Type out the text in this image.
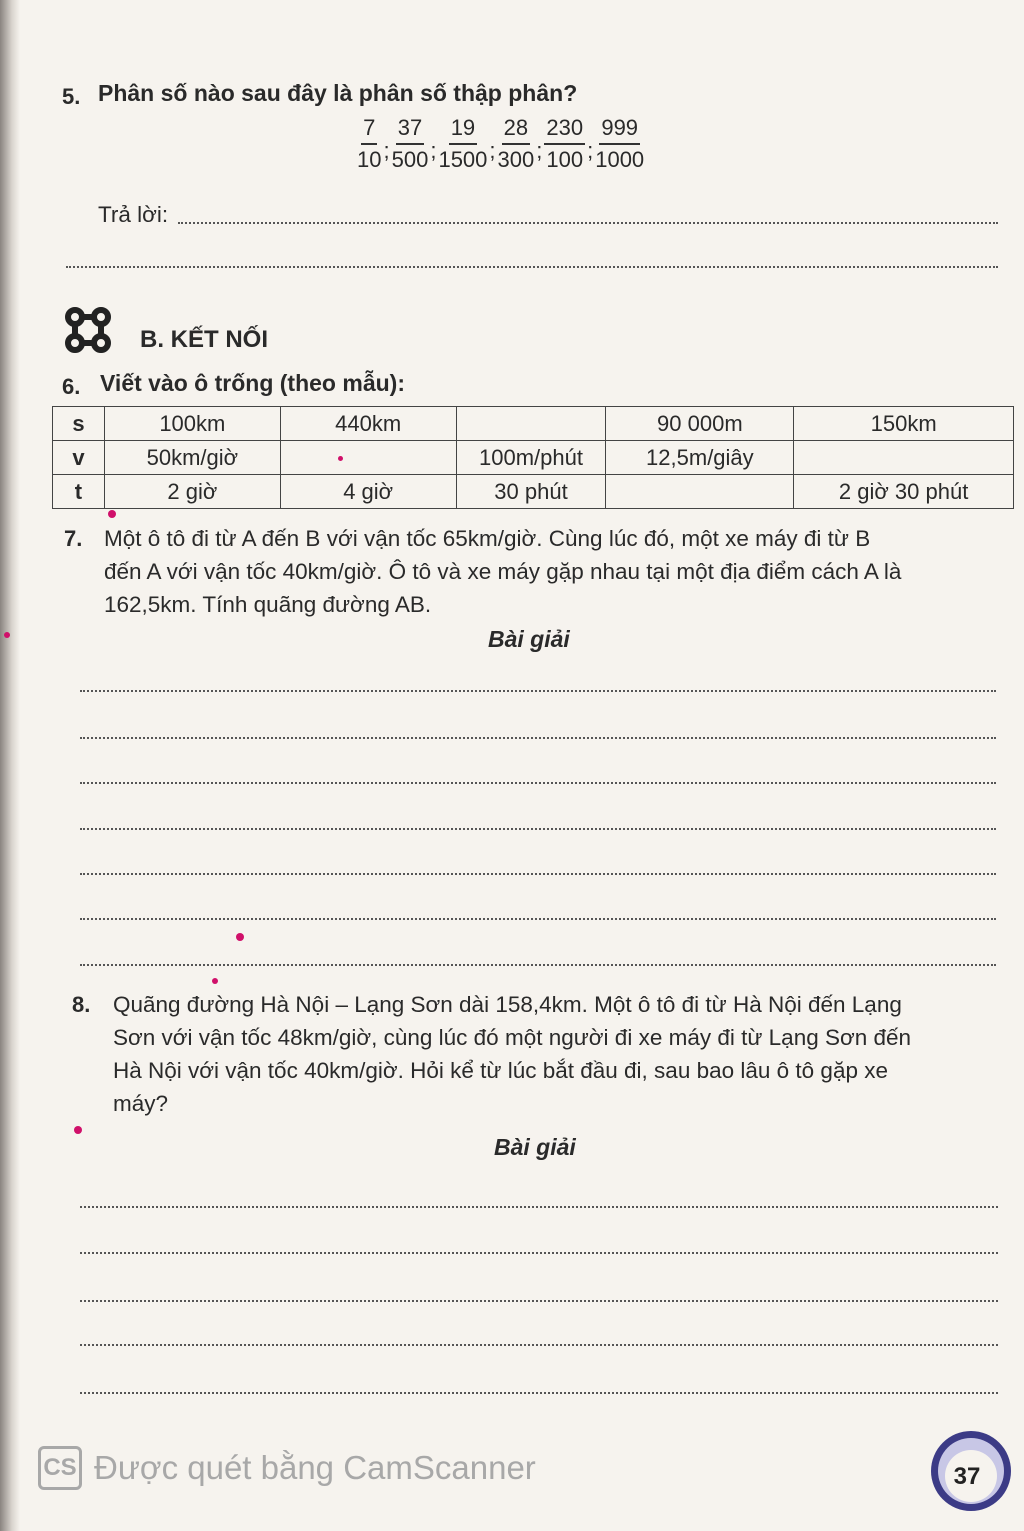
5. Phân số nào sau đây là phân số thập phân?
$\frac{7}{10}$ ; $\frac{37}{500}$ ; $\frac{19}{1500}$ ; $\frac{28}{300}$ ; $\frac{230}{100}$ ; $\frac{999}{1000}$
Trả lời:
B. KẾT NỐI
6. Viết vào ô trống (theo mẫu):
s	100km	440km		90 000m	150km
v	50km/giờ		100m/phút	12,5m/giây	
t	2 giờ	4 giờ	30 phút		2 giờ 30 phút
7. Một ô tô đi từ A đến B với vận tốc 65km/giờ. Cùng lúc đó, một xe máy đi từ B
đến A với vận tốc 40km/giờ. Ô tô và xe máy gặp nhau tại một địa điểm cách A là
162,5km. Tính quãng đường AB.
Bài giải
8. Quãng đường Hà Nội – Lạng Sơn dài 158,4km. Một ô tô đi từ Hà Nội đến Lạng
Sơn với vận tốc 48km/giờ, cùng lúc đó một người đi xe máy đi từ Lạng Sơn đến
Hà Nội với vận tốc 40km/giờ. Hỏi kể từ lúc bắt đầu đi, sau bao lâu ô tô gặp xe
máy?
Bài giải
CS Được quét bằng CamScanner	37
